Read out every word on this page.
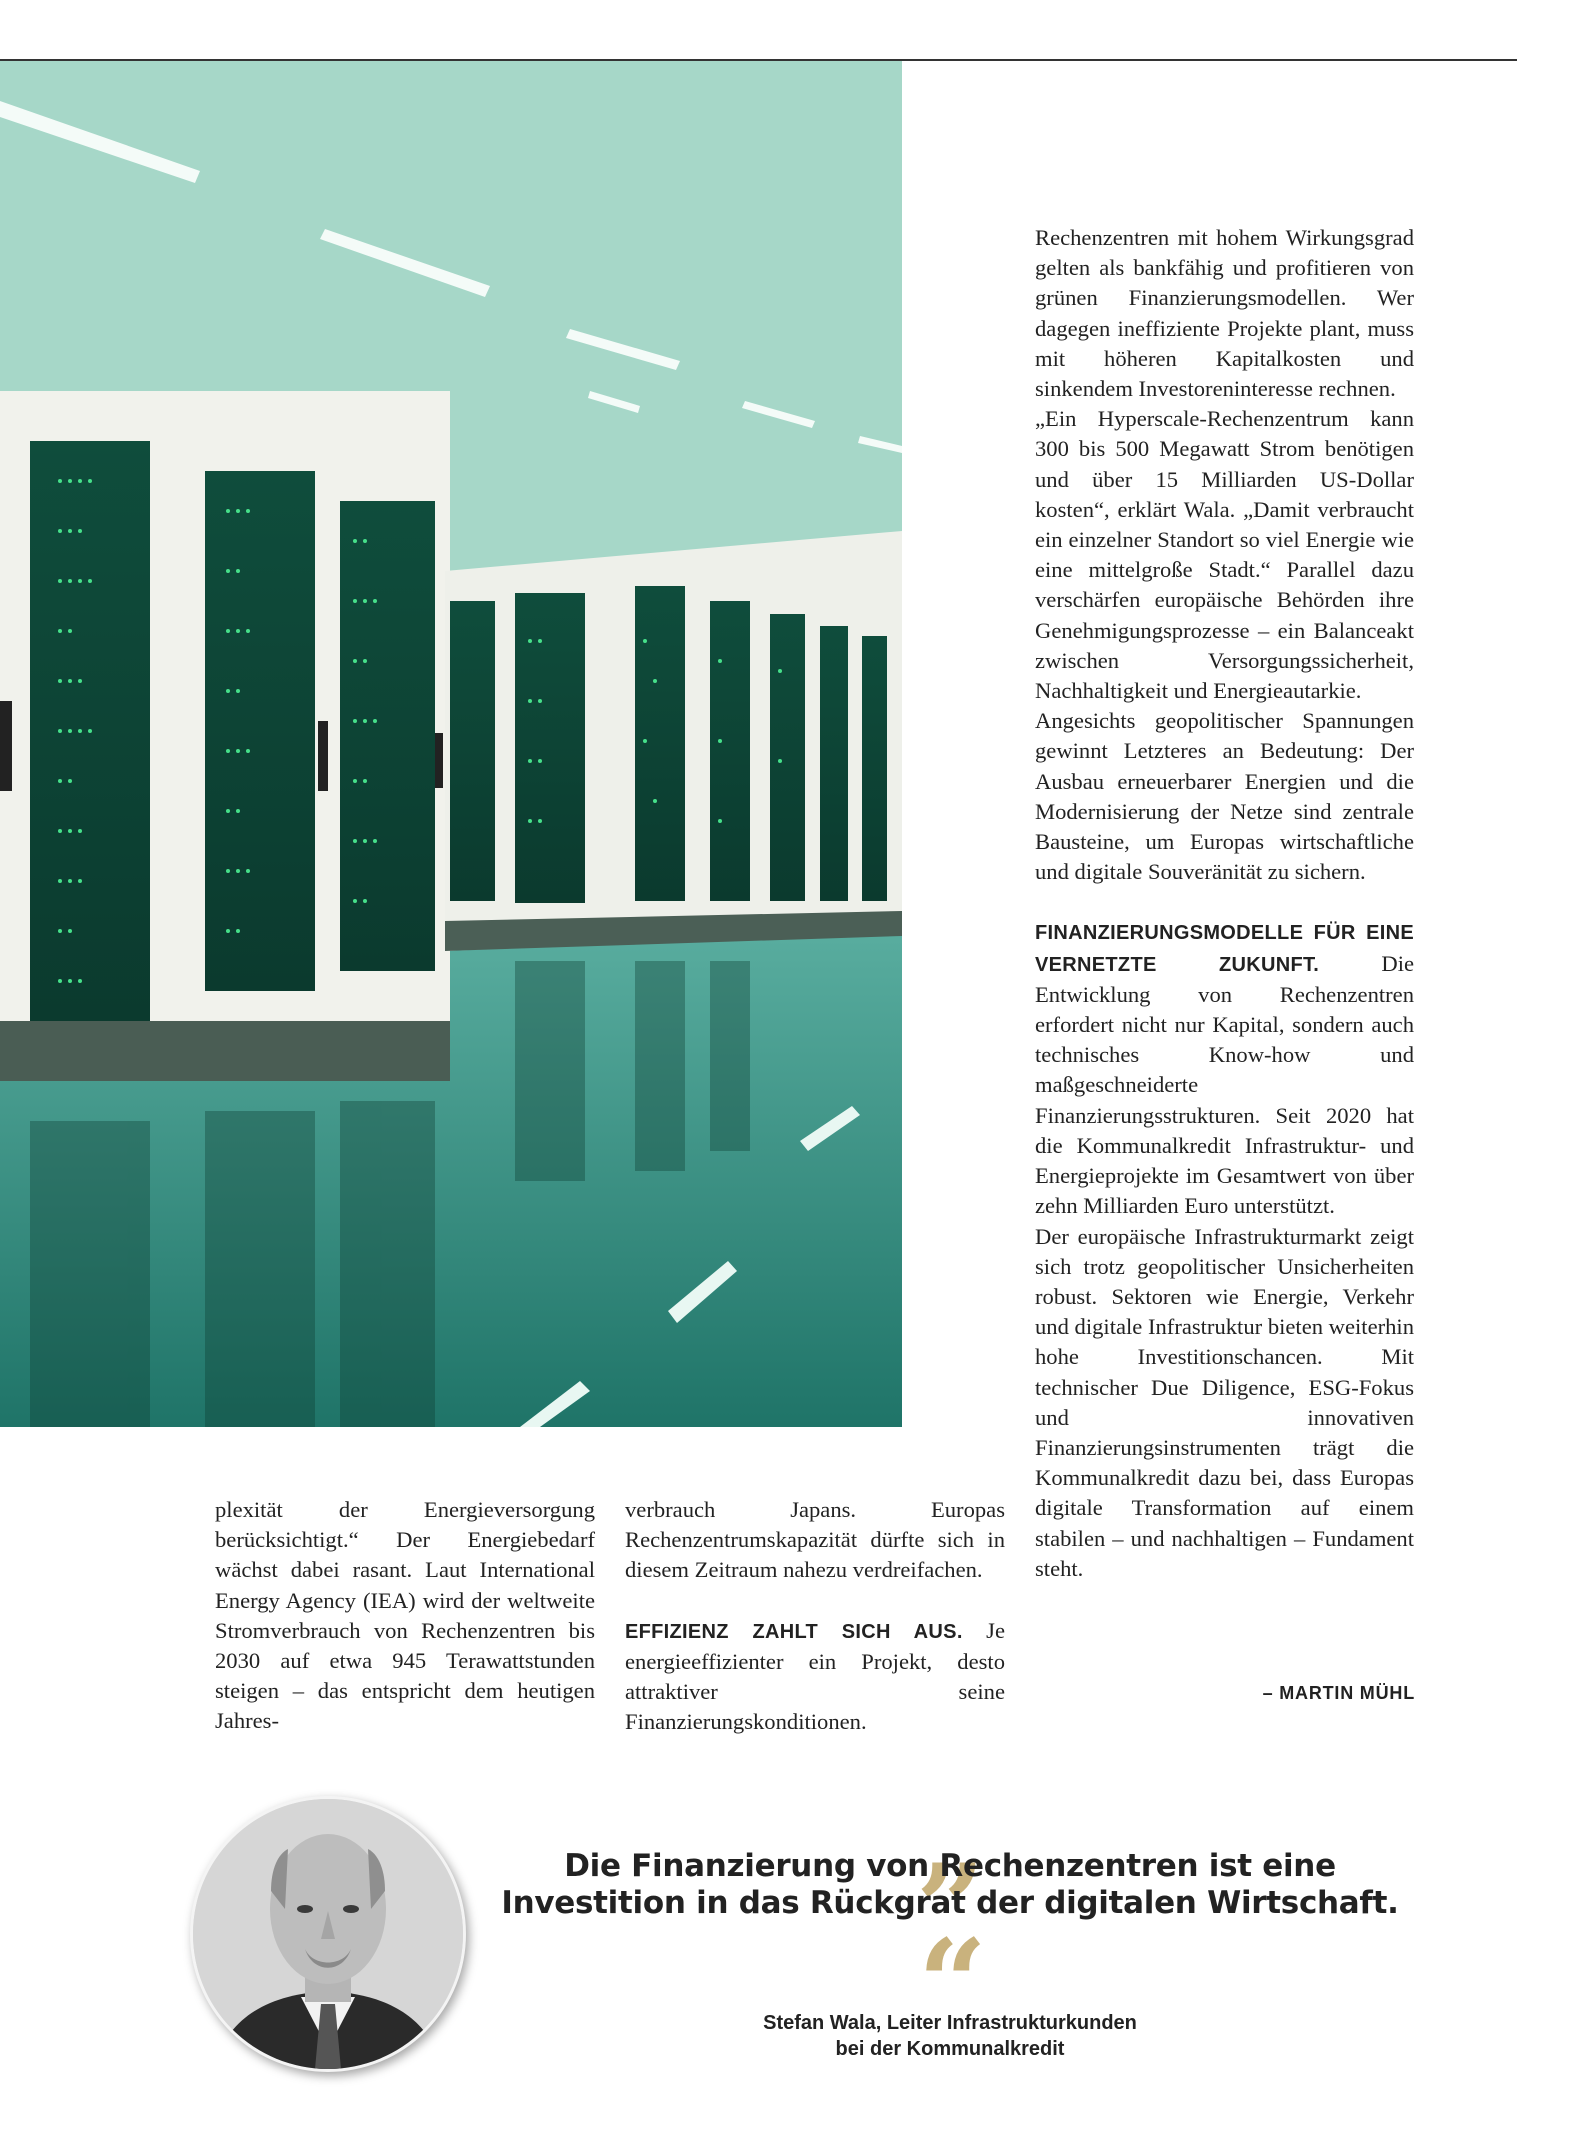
Rechenzentren mit hohem Wirkungsgrad gelten als bankfähig und profitieren von grünen Finanzierungsmodellen. Wer dagegen ineffiziente Projekte plant, muss mit höheren Kapitalkosten und sinkendem Investoreninteresse rechnen.

„Ein Hyperscale-Rechenzentrum kann 300 bis 500 Megawatt Strom benötigen und über 15 Milliarden US-Dollar kosten“, erklärt Wala. „Damit verbraucht ein einzelner Standort so viel Energie wie eine mittelgroße Stadt.“ Parallel dazu verschärfen europäische Behörden ihre Genehmigungsprozesse – ein Balanceakt zwischen Versorgungssicherheit, Nachhaltigkeit und Energieautarkie.

Angesichts geopolitischer Spannungen gewinnt Letzteres an Bedeutung: Der Ausbau erneuerbarer Energien und die Modernisierung der Netze sind zentrale Bausteine, um Europas wirtschaftliche und digitale Souveränität zu sichern.

FINANZIERUNGSMODELLE FÜR EINE VERNETZTE ZUKUNFT.	Die Entwicklung von Rechenzentren erfordert nicht nur Kapital, sondern auch technisches Know-how und maßgeschneiderte Finanzierungsstrukturen. Seit 2020 hat die Kommunalkredit Infrastruktur- und Energieprojekte im Gesamtwert von über zehn Milliarden Euro unterstützt.

Der europäische Infrastrukturmarkt zeigt sich trotz geopolitischer Unsicherheiten robust. Sektoren wie Energie, Verkehr und digitale Infrastruktur bieten weiterhin hohe Investitionschancen. Mit technischer Due Diligence, ESG-Fokus und innovativen Finanzierungsinstrumenten trägt die Kommunalkredit dazu bei, dass Europas digitale Transformation auf einem stabilen – und nachhaltigen – Fundament steht.

– MARTIN MÜHL

plexität der Energieversorgung berücksichtigt.“ Der Energiebedarf wächst dabei rasant. Laut International Energy Agency (IEA) wird der weltweite Stromverbrauch von Rechenzentren bis 2030 auf etwa 945 Terawattstunden steigen – das entspricht dem heutigen Jahres-

verbrauch Japans. Europas Rechenzentrumskapazität dürfte sich in diesem Zeitraum nahezu verdreifachen.

EFFIZIENZ ZAHLT SICH AUS. Je energieeffizienter ein Projekt, desto attraktiver seine Finanzierungskonditionen.

„
Die Finanzierung von Rechenzentren ist eine
Investition in das Rückgrat der digitalen Wirtschaft.
“
Stefan Wala, Leiter Infrastrukturkunden
bei der Kommunalkredit
